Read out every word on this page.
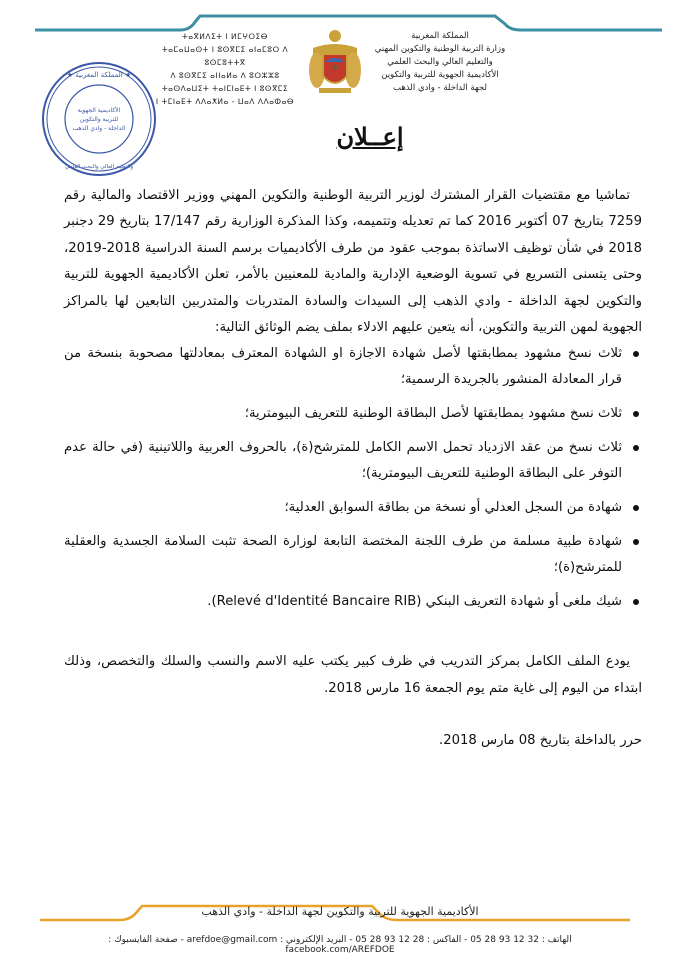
ⵜⴰⴳⵍⴷⵉⵜ ⵏ ⵍⵎⵖⵔⵉⴱ
ⵜⴰⵎⴰⵡⴰⵙⵜ ⵏ ⵓⵙⴳⵎⵉ ⴰⵏⴰⵎⵓⵔ ⴷ ⵓⵙⵎⵓⵜⵜⴳ
ⴷ ⵓⵙⴳⵎⵉ ⴰⵏⵏⴰⵍⴰ ⴷ ⵓⵔⵣⵣⵓ
ⵜⴰⵙⴷⴰⵡⵉⵜ ⵜⴰⵏⵎⵏⴰⴹⵜ ⵏ ⵓⵙⴳⵎⵉ
ⵏ ⵜⵎⵏⴰⴹⵜ ⴷⴷⴰⵅⵍⴰ - ⵡⴰⴷ ⴷⴷⴰⵀⴰⴱ
المملكة المغربية
وزارة التربية الوطنية والتكوين المهني
والتعليم العالي والبحث العلمي
الأكاديمية الجهوية للتربية والتكوين
لجهة الداخلة - وادي الذهب
الأكاديمية الجهوية
للتربية والتكوين
الداخلة - وادي الذهب
★ المملكة المغربية ★
والتعليم العالي والبحث العلمي
إعــلان

تماشيا مع مقتضيات القرار المشترك لوزير التربية الوطنية والتكوين المهني ووزير الاقتصاد والمالية رقم 7259 بتاريخ 07 أكتوبر 2016 كما تم تعديله وتتميمه، وكذا المذكرة الوزارية رقم 17/147 بتاريخ 29 دجنبر 2018 في شأن توظيف الاساتذة بموجب عقود من طرف الأكاديميات برسم السنة الدراسية 2018-2019، وحتى يتسنى التسريع في تسوية الوضعية الإدارية والمادية للمعنيين بالأمر، تعلن الأكاديمية الجهوية للتربية والتكوين لجهة الداخلة - وادي الذهب إلى السيدات والسادة المتدربات والمتدربين التابعين لها بالمراكز الجهوية لمهن التربية والتكوين، أنه يتعين عليهم الادلاء بملف يضم الوثائق التالية:

ثلاث نسخ مشهود بمطابقتها لأصل شهادة الاجازة او الشهادة المعترف بمعادلتها مصحوبة بنسخة من قرار المعادلة المنشور بالجريدة الرسمية؛
ثلاث نسخ مشهود بمطابقتها لأصل البطاقة الوطنية للتعريف البيومترية؛
ثلاث نسخ من عقد الازدياد تحمل الاسم الكامل للمترشح(ة)، بالحروف العربية واللاتينية (في حالة عدم التوفر على البطاقة الوطنية للتعريف البيومترية)؛
شهادة من السجل العدلي أو نسخة من بطاقة السوابق العدلية؛
شهادة طبية مسلمة من طرف اللجنة المختصة التابعة لوزارة الصحة تثبت السلامة الجسدية والعقلية للمترشح(ة)؛
شيك ملغى أو شهادة التعريف البنكي (Relevé d'Identité Bancaire RIB).

يودع الملف الكامل بمركز التدريب في ظرف كبير يكتب عليه الاسم والنسب والسلك والتخصص، وذلك ابتداء من اليوم إلى غاية متم يوم الجمعة 16 مارس 2018.

حرر بالداخلة بتاريخ 08 مارس 2018.

الأكاديمية الجهوية للتربية والتكوين لجهة الداخلة - وادي الذهب
الهاتف : 32 12 93 28 05 - الفاكس : 28 12 93 28 05 - البريد الإلكتروني : arefdoe@gmail.com - صفحة الفايسبوك : facebook.com/AREFDOE
